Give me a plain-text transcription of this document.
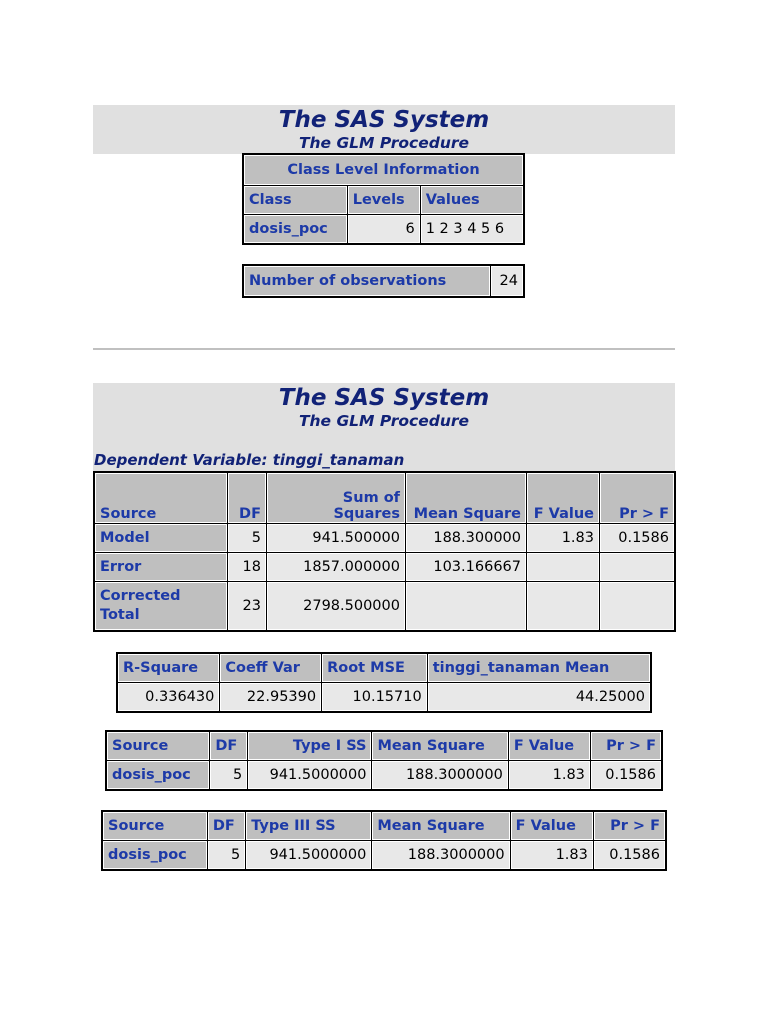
The SAS System
The GLM Procedure
Class Level Information		
Class	Levels	Values
dosis_poc	6	1 2 3 4 5 6
Number of observations	24
The SAS System
The GLM Procedure
Dependent Variable: tinggi_tanaman
Source	DF	Sum of Squares	Mean Square	F Value	Pr > F
Model	5	941.500000	188.300000	1.83	0.1586
Error	18	1857.000000	103.166667		
Corrected Total	23	2798.500000			
R-Square	Coeff Var	Root MSE	tinggi_tanaman Mean
0.336430	22.95390	10.15710	44.25000
Source	DF	Type I SS	Mean Square	F Value	Pr > F
dosis_poc	5	941.5000000	188.3000000	1.83	0.1586
Source	DF	Type III SS	Mean Square	F Value	Pr > F
dosis_poc	5	941.5000000	188.3000000	1.83	0.1586
